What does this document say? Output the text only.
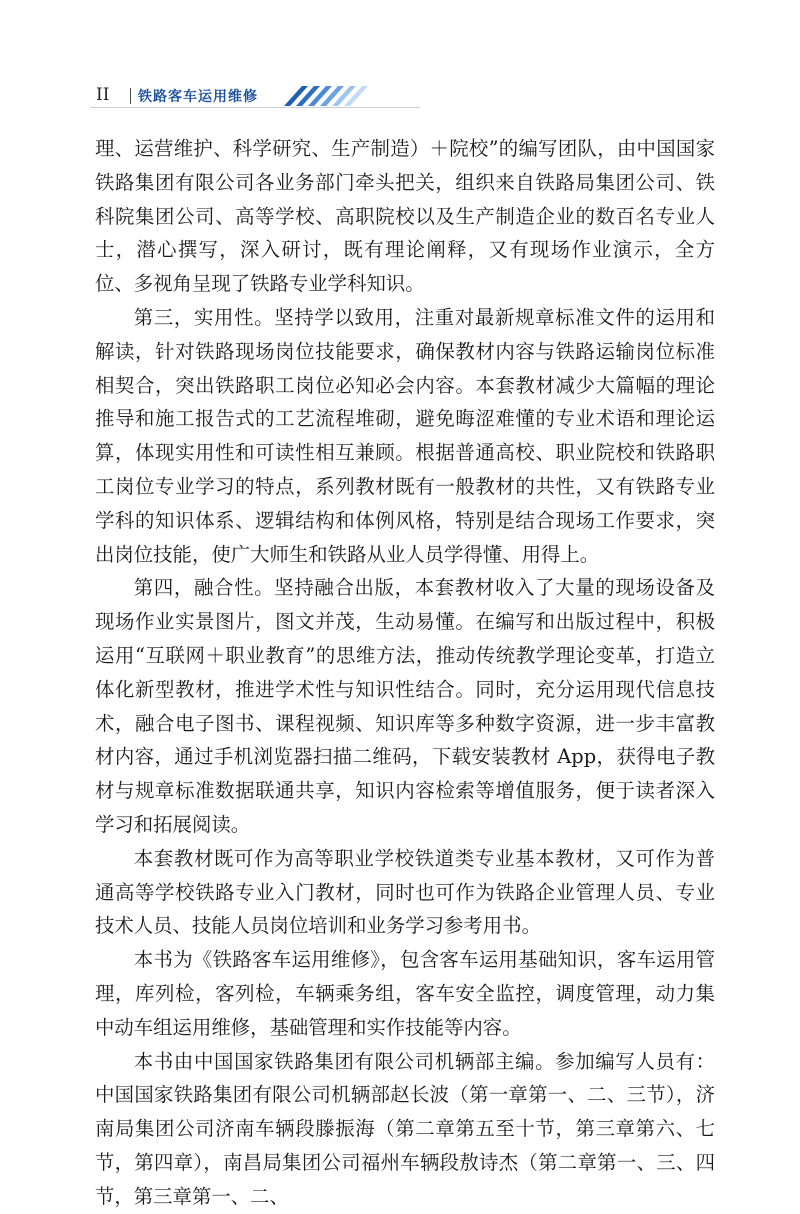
II 铁路客车运用维修

理、运营维护、科学研究、生产制造）＋院校”的编写团队，由中国国家铁路集团有限公司各业务部门牵头把关，组织来自铁路局集团公司、铁科院集团公司、高等学校、高职院校以及生产制造企业的数百名专业人士，潜心撰写，深入研讨，既有理论阐释，又有现场作业演示，全方位、多视角呈现了铁路专业学科知识。

第三，实用性。坚持学以致用，注重对最新规章标准文件的运用和解读，针对铁路现场岗位技能要求，确保教材内容与铁路运输岗位标准相契合，突出铁路职工岗位必知必会内容。本套教材减少大篇幅的理论推导和施工报告式的工艺流程堆砌，避免晦涩难懂的专业术语和理论运算，体现实用性和可读性相互兼顾。根据普通高校、职业院校和铁路职工岗位专业学习的特点，系列教材既有一般教材的共性，又有铁路专业学科的知识体系、逻辑结构和体例风格，特别是结合现场工作要求，突出岗位技能，使广大师生和铁路从业人员学得懂、用得上。

第四，融合性。坚持融合出版，本套教材收入了大量的现场设备及现场作业实景图片，图文并茂，生动易懂。在编写和出版过程中，积极运用“互联网＋职业教育”的思维方法，推动传统教学理论变革，打造立体化新型教材，推进学术性与知识性结合。同时，充分运用现代信息技术，融合电子图书、课程视频、知识库等多种数字资源，进一步丰富教材内容，通过手机浏览器扫描二维码，下载安装教材 App，获得电子教材与规章标准数据联通共享，知识内容检索等增值服务，便于读者深入学习和拓展阅读。

本套教材既可作为高等职业学校铁道类专业基本教材，又可作为普通高等学校铁路专业入门教材，同时也可作为铁路企业管理人员、专业技术人员、技能人员岗位培训和业务学习参考用书。

本书为《铁路客车运用维修》，包含客车运用基础知识，客车运用管理，库列检，客列检，车辆乘务组，客车安全监控，调度管理，动力集中动车组运用维修，基础管理和实作技能等内容。

本书由中国国家铁路集团有限公司机辆部主编。参加编写人员有：中国国家铁路集团有限公司机辆部赵长波（第一章第一、二、三节），济南局集团公司济南车辆段滕振海（第二章第五至十节，第三章第六、七节，第四章），南昌局集团公司福州车辆段敖诗杰（第二章第一、三、四节，第三章第一、二、
